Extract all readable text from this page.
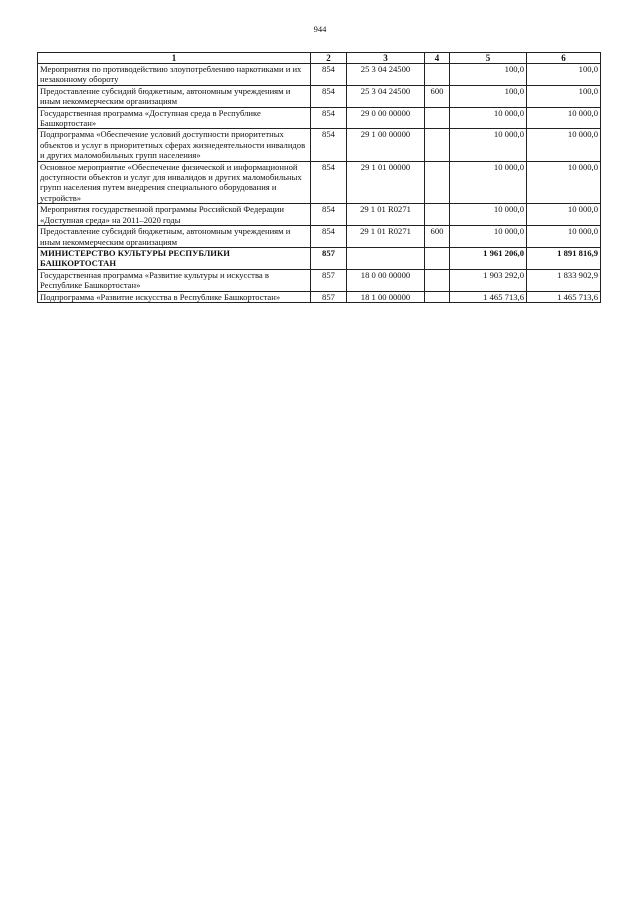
944
1	2	3	4	5	6
Мероприятия по противодействию злоупотреблению наркотиками и их незаконному обороту	854	25 3 04 24500		100,0	100,0
Предоставление субсидий бюджетным, автономным учреждениям и иным некоммерческим организациям	854	25 3 04 24500	600	100,0	100,0
Государственная программа «Доступная среда в Республике Башкортостан»	854	29 0 00 00000		10 000,0	10 000,0
Подпрограмма «Обеспечение условий доступности приоритетных объектов и услуг в приоритетных сферах жизнедеятельности инвалидов и других маломобильных групп населения»	854	29 1 00 00000		10 000,0	10 000,0
Основное мероприятие «Обеспечение физической и информационной доступности объектов и услуг для инвалидов и других маломобильных групп населения путем внедрения специального оборудования и устройств»	854	29 1 01 00000		10 000,0	10 000,0
Мероприятия государственной программы Российской Федерации «Доступная среда» на 2011–2020 годы	854	29 1 01 R0271		10 000,0	10 000,0
Предоставление субсидий бюджетным, автономным учреждениям и иным некоммерческим организациям	854	29 1 01 R0271	600	10 000,0	10 000,0
МИНИСТЕРСТВО КУЛЬТУРЫ РЕСПУБЛИКИ БАШКОРТОСТАН	857			1 961 206,0	1 891 816,9
Государственная программа «Развитие культуры и искусства в Республике Башкортостан»	857	18 0 00 00000		1 903 292,0	1 833 902,9
Подпрограмма «Развитие искусства в Республике Башкортостан»	857	18 1 00 00000		1 465 713,6	1 465 713,6
